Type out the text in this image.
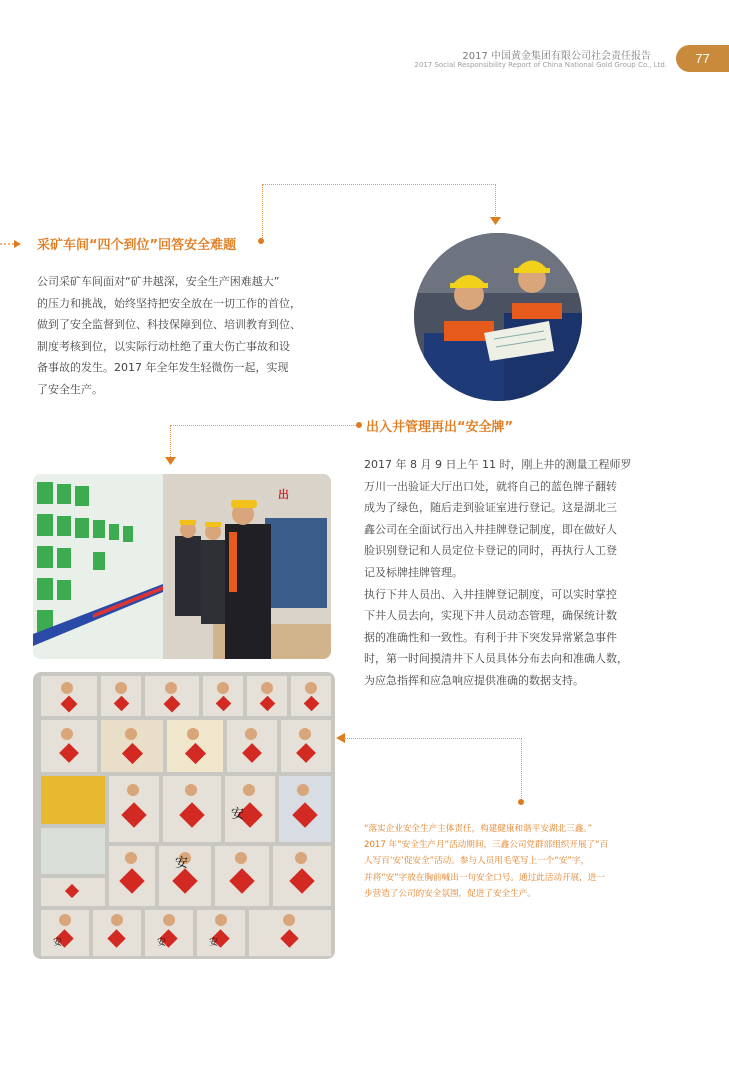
2017 中国黄金集团有限公司社会责任报告
2017 Social Responsibility Report of China National Gold Group Co., Ltd.	77
采矿车间“四个到位”回答安全难题
公司采矿车间面对“矿井越深，安全生产困难越大”
的压力和挑战，始终坚持把安全放在一切工作的首位，
做到了安全监督到位、科技保障到位、培训教育到位、
制度考核到位，以实际行动杜绝了重大伤亡事故和设
备事故的发生。2017 年全年发生轻微伤一起，实现
了安全生产。
出入井管理再出“安全牌”
2017 年 8 月 9 日上午 11 时，刚上井的测量工程师罗
万川一出验证大厅出口处，就将自己的蓝色牌子翻转
成为了绿色，随后走到验证室进行登记。这是湖北三
鑫公司在全面试行出入井挂牌登记制度，即在做好人
脸识别登记和人员定位卡登记的同时，再执行人工登
记及标牌挂牌管理。
执行下井人员出、入井挂牌登记制度，可以实时掌控
下井人员去向，实现下井人员动态管理，确保统计数
据的准确性和一致性。有利于井下突发异常紧急事件
时，第一时间摸清井下人员具体分布去向和准确人数，
为应急指挥和应急响应提供准确的数据支持。
出
安
安
安	安
安
“落实企业安全生产主体责任，构建健康和谐平安湖北三鑫。”
2017 年“安全生产月”活动期间，三鑫公司党群部组织开展了“百
人写百‘安’促安全”活动。参与人员用毛笔写上一个“安”字，
并将“安”字放在胸前喊出一句安全口号。通过此活动开展，进一
步营造了公司的安全氛围，促进了安全生产。
